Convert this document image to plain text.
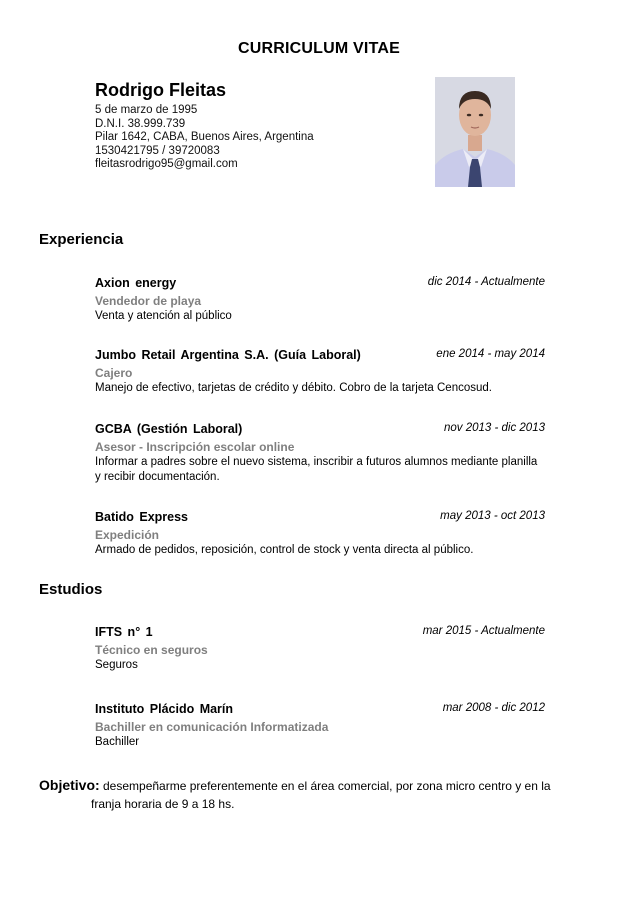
CURRICULUM VITAE
Rodrigo Fleitas
5 de marzo de 1995
D.N.I. 38.999.739
Pilar 1642, CABA, Buenos Aires, Argentina
1530421795 / 39720083
fleitasrodrigo95@gmail.com
Experiencia
Axion energy	dic 2014 - Actualmente
Vendedor de playa
Venta y atención al público
Jumbo Retail Argentina S.A. (Guía Laboral)	ene 2014 - may 2014
Cajero
Manejo de efectivo, tarjetas de crédito y débito. Cobro de la tarjeta Cencosud.
GCBA (Gestión Laboral)	nov 2013 - dic 2013
Asesor - Inscripción escolar online
Informar a padres sobre el nuevo sistema, inscribir a futuros alumnos mediante planilla y recibir documentación.
Batido Express	may 2013 - oct 2013
Expedición
Armado de pedidos, reposición, control de stock y venta directa al público.
Estudios
IFTS n° 1	mar 2015 - Actualmente
Técnico en seguros
Seguros
Instituto Plácido Marín	mar 2008 - dic 2012
Bachiller en comunicación Informatizada
Bachiller
Objetivo: desempeñarme preferentemente en el área comercial, por zona micro centro y en la
franja horaria de 9 a 18 hs.
